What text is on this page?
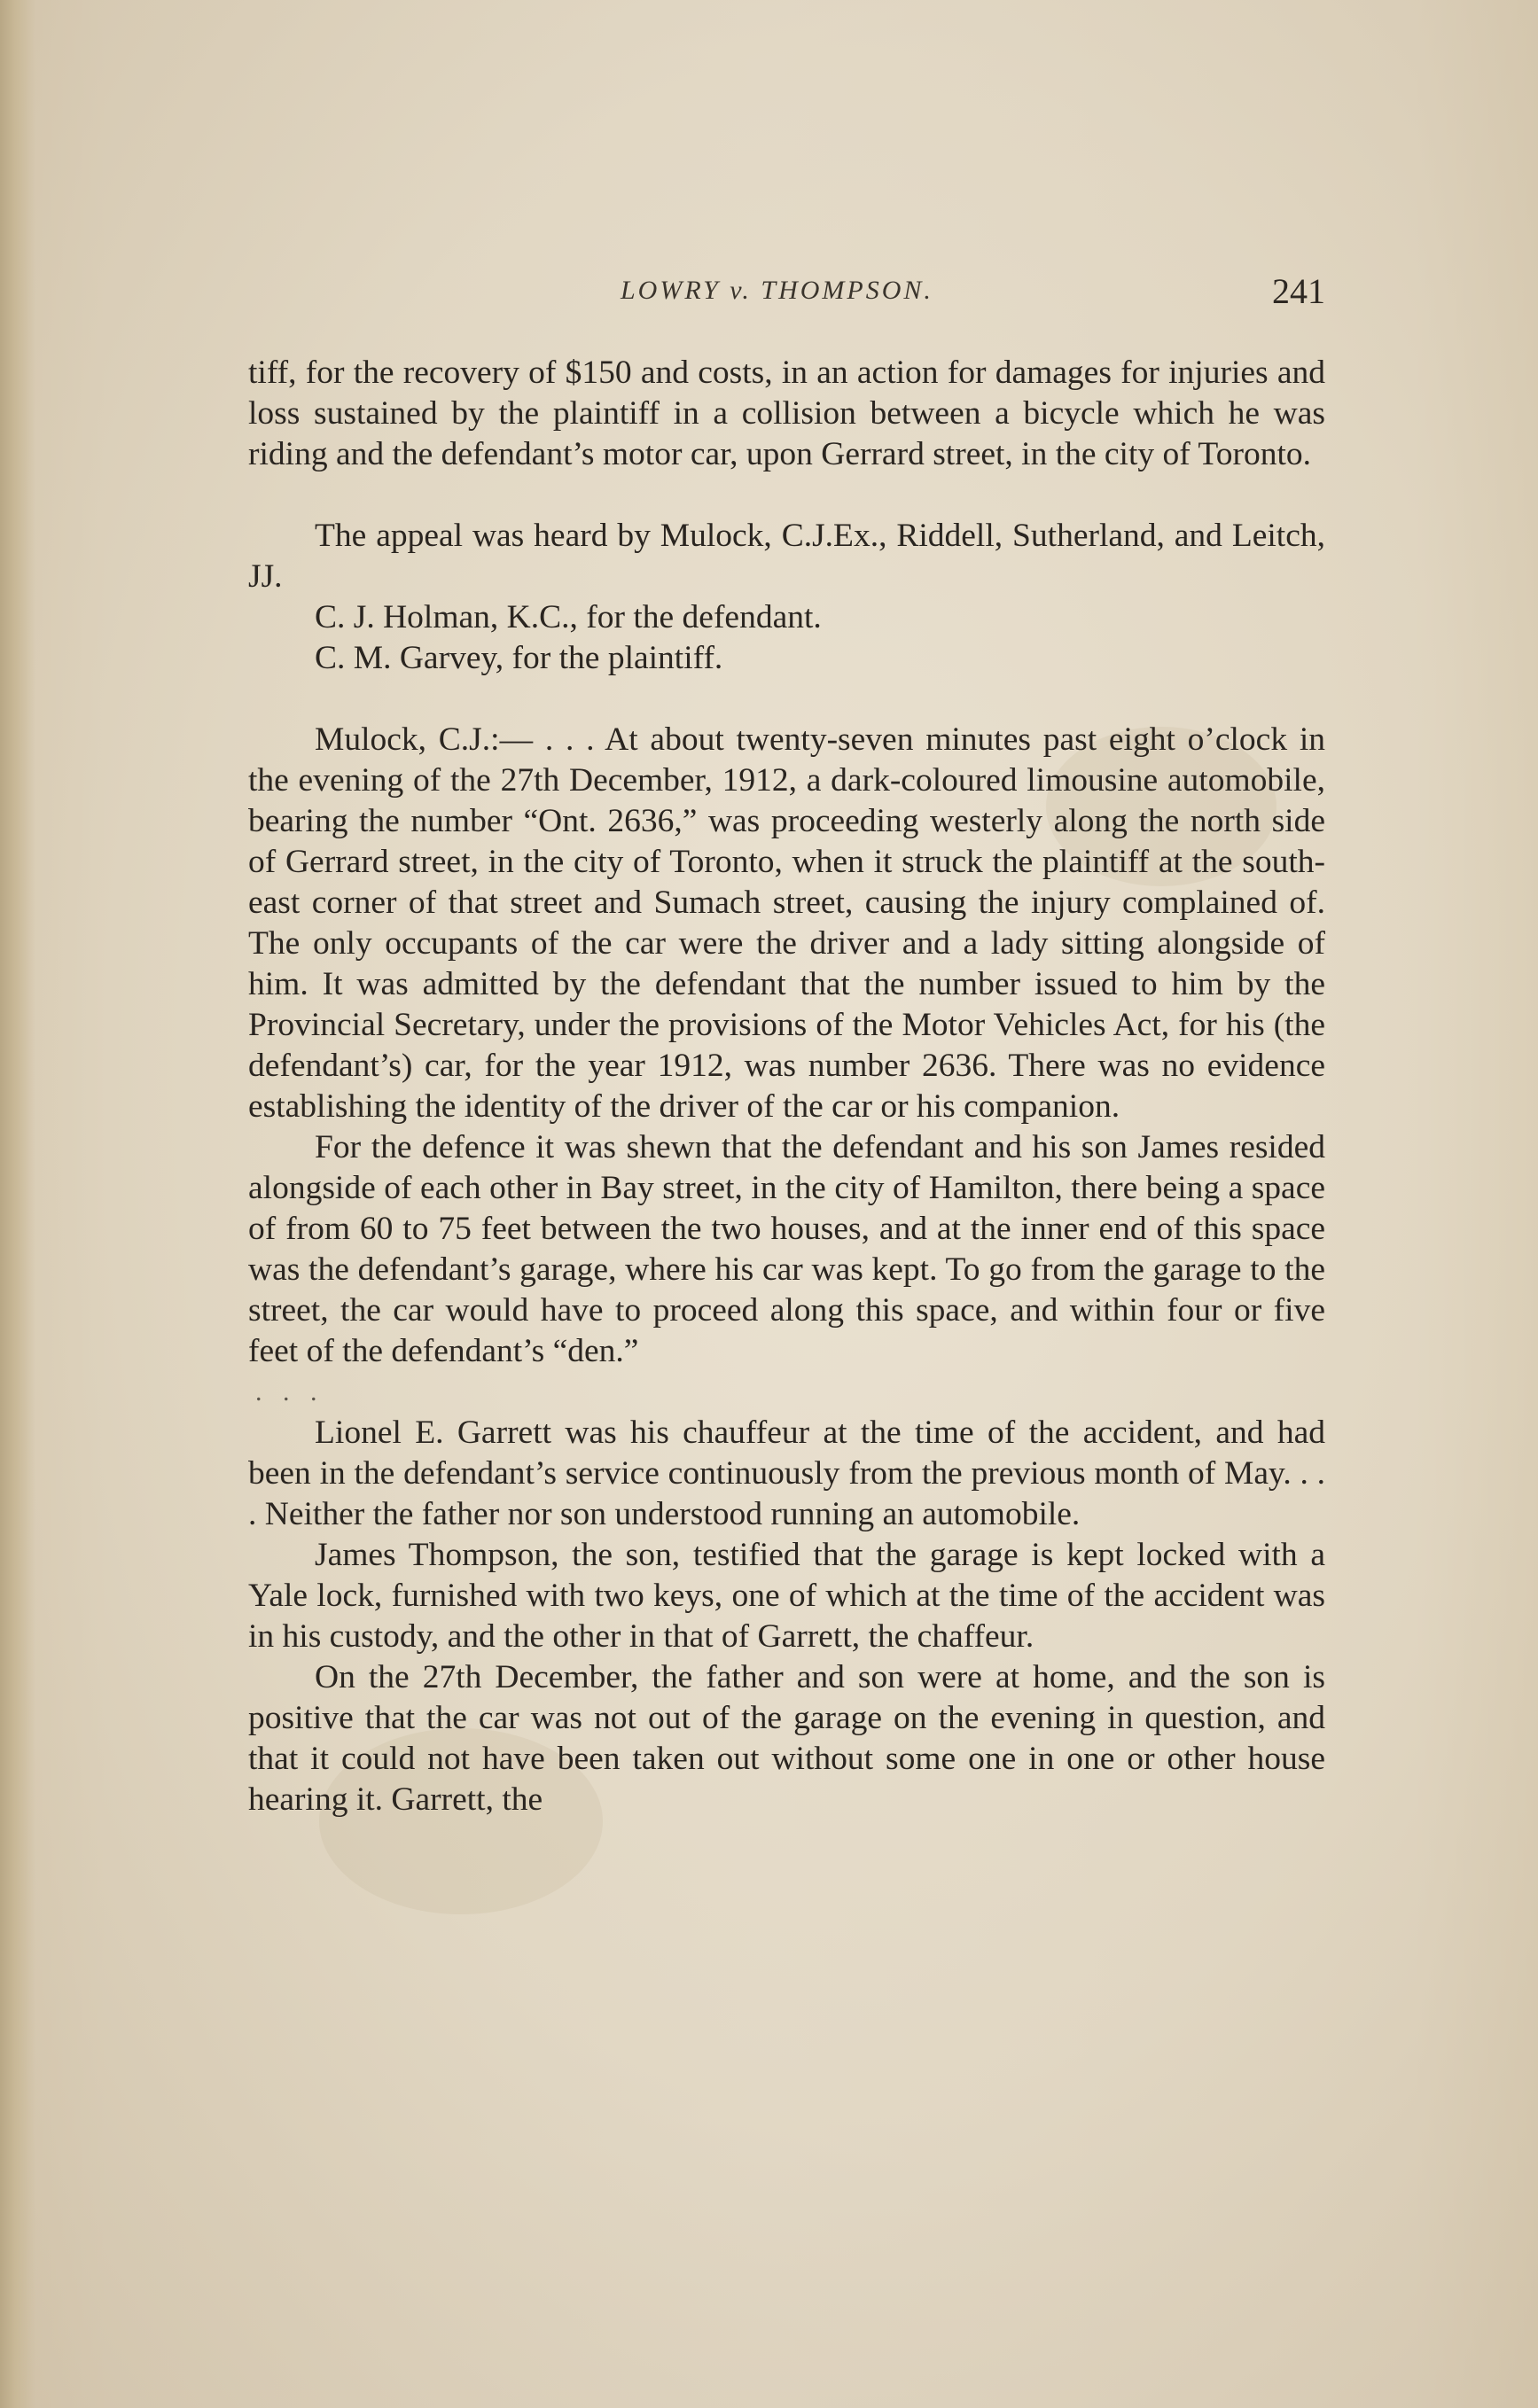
LOWRY v. THOMPSON.	241

tiff, for the recovery of $150 and costs, in an action for damages for injuries and loss sustained by the plaintiff in a collision between a bicycle which he was riding and the defendant’s motor car, upon Gerrard street, in the city of Toronto.

The appeal was heard by Mulock, C.J.Ex., Riddell, Sutherland, and Leitch, JJ.

C. J. Holman, K.C., for the defendant.

C. M. Garvey, for the plaintiff.

Mulock, C.J.:— . . . At about twenty-seven minutes past eight o’clock in the evening of the 27th December, 1912, a dark-coloured limousine automobile, bearing the number “Ont. 2636,” was proceeding westerly along the north side of Gerrard street, in the city of Toronto, when it struck the plaintiff at the south-east corner of that street and Sumach street, causing the injury complained of. The only occupants of the car were the driver and a lady sitting alongside of him. It was admitted by the defendant that the number issued to him by the Provincial Secretary, under the provisions of the Motor Vehicles Act, for his (the defendant’s) car, for the year 1912, was number 2636. There was no evidence establishing the identity of the driver of the car or his companion.

For the defence it was shewn that the defendant and his son James resided alongside of each other in Bay street, in the city of Hamilton, there being a space of from 60 to 75 feet between the two houses, and at the inner end of this space was the defendant’s garage, where his car was kept. To go from the garage to the street, the car would have to proceed along this space, and within four or five feet of the defendant’s “den.”

. . .

Lionel E. Garrett was his chauffeur at the time of the accident, and had been in the defendant’s service continuously from the previous month of May. . . . Neither the father nor son understood running an automobile.

James Thompson, the son, testified that the garage is kept locked with a Yale lock, furnished with two keys, one of which at the time of the accident was in his custody, and the other in that of Garrett, the chaffeur.

On the 27th December, the father and son were at home, and the son is positive that the car was not out of the garage on the evening in question, and that it could not have been taken out without some one in one or other house hearing it. Garrett, the
